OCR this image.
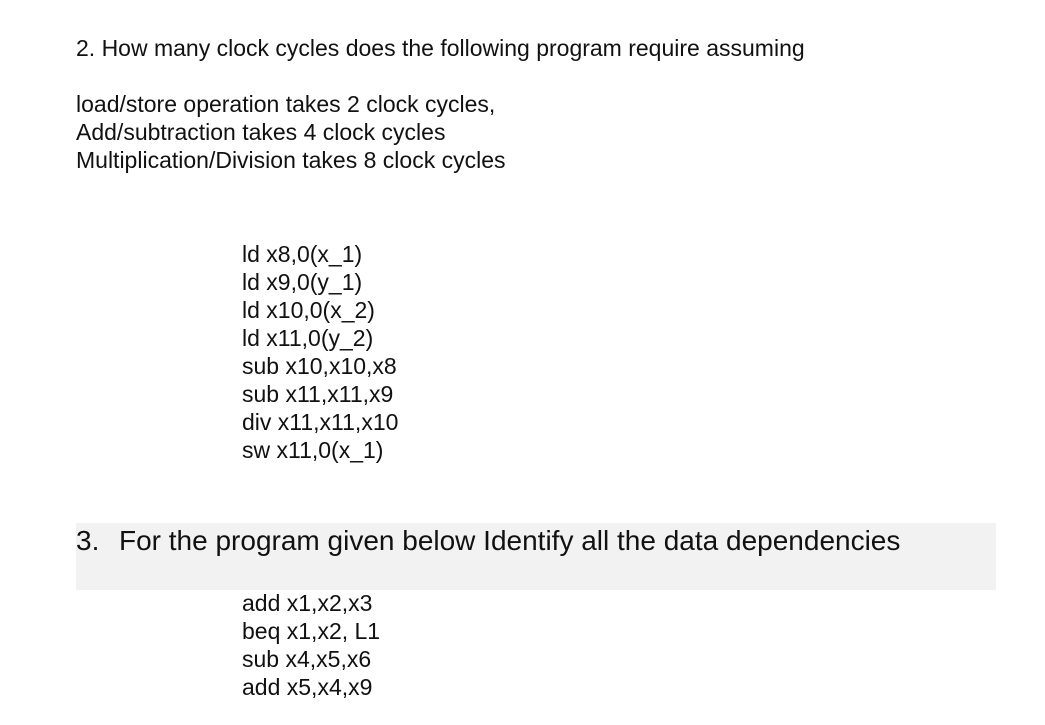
2. How many clock cycles does the following program require assuming
load/store operation takes 2 clock cycles,
Add/subtraction takes 4 clock cycles
Multiplication/Division takes 8 clock cycles
ld x8,0(x_1)
ld x9,0(y_1)
ld x10,0(x_2)
ld x11,0(y_2)
sub x10,x10,x8
sub x11,x11,x9
div x11,x11,x10
sw x11,0(x_1)
3. For the program given below Identify all the data dependencies
add x1,x2,x3
beq x1,x2, L1
sub x4,x5,x6
add x5,x4,x9
